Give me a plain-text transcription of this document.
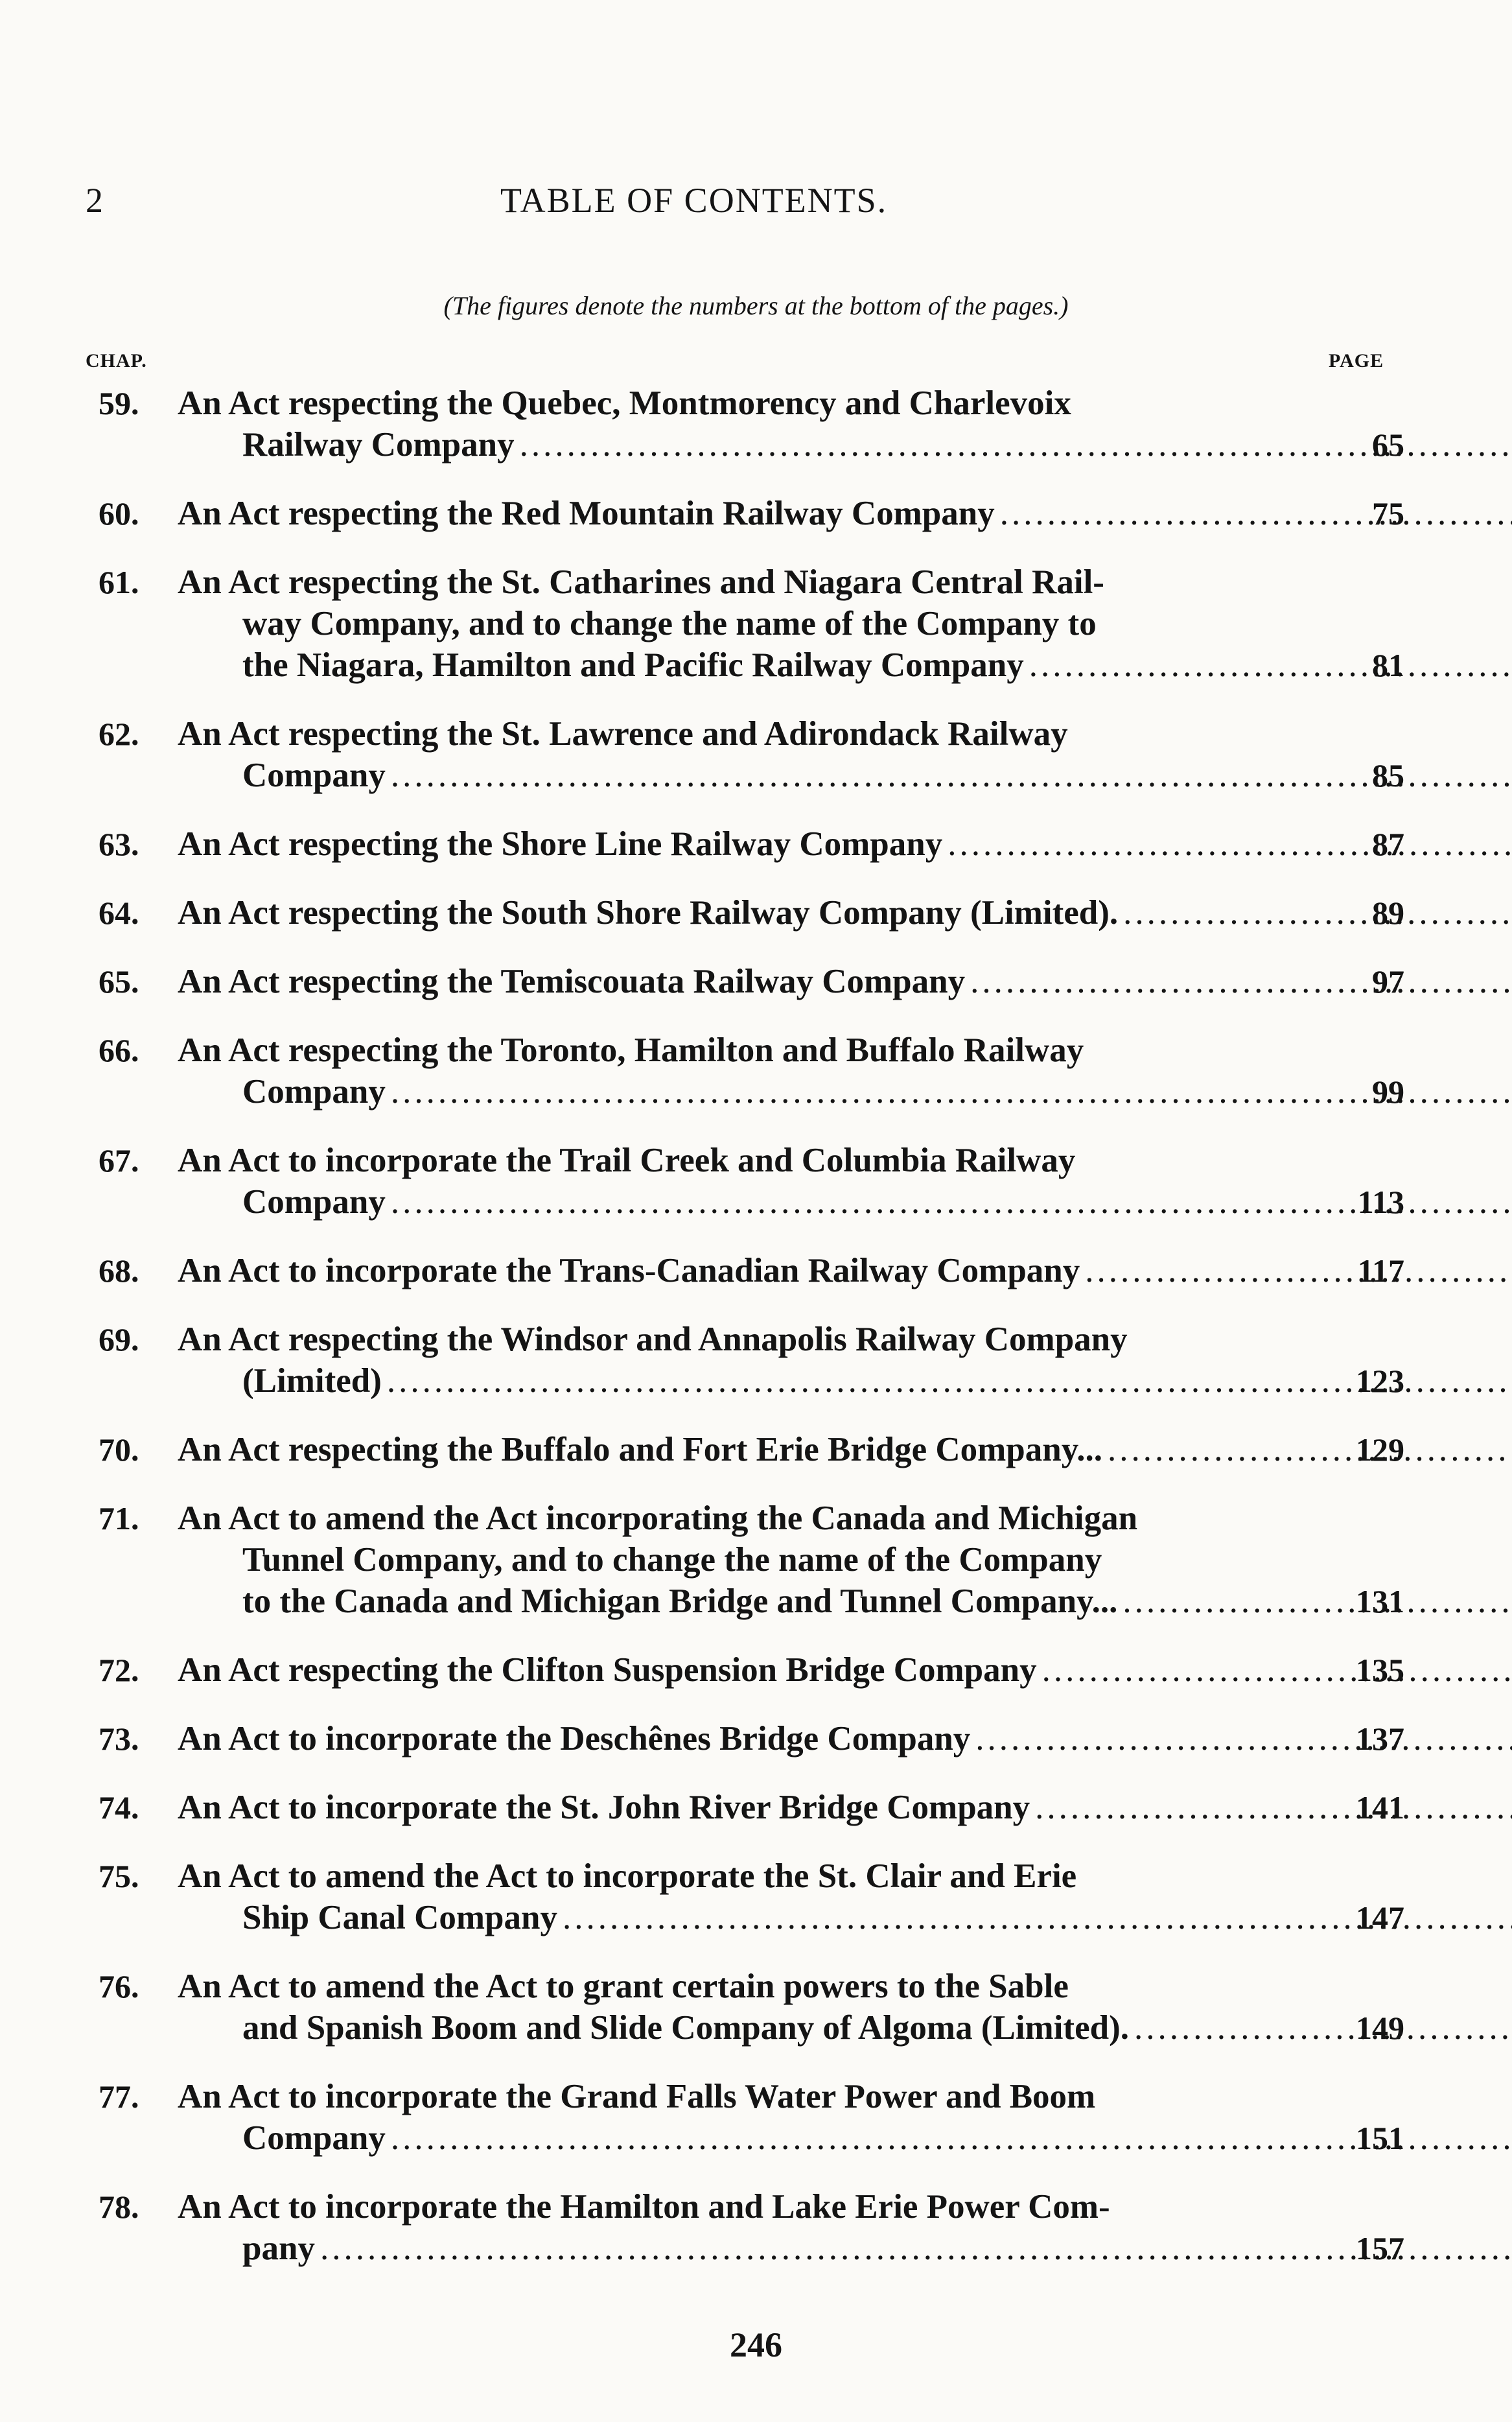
2	TABLE OF CONTENTS.
(The figures denote the numbers at the bottom of the pages.)
CHAP.	PAGE
59. An Act respecting the Quebec, Montmorency and Charlevoix
Railway Company .....	65
60. An Act respecting the Red Mountain Railway Company .....	75
61. An Act respecting the St. Catharines and Niagara Central Rail-
way Company, and to change the name of the Company to
the Niagara, Hamilton and Pacific Railway Company .....	81
62. An Act respecting the St. Lawrence and Adirondack Railway
Company .....	85
63. An Act respecting the Shore Line Railway Company .....	87
64. An Act respecting the South Shore Railway Company (Limited). .....	89
65. An Act respecting the Temiscouata Railway Company .....	97
66. An Act respecting the Toronto, Hamilton and Buffalo Railway
Company .....	99
67. An Act to incorporate the Trail Creek and Columbia Railway
Company .....	113
68. An Act to incorporate the Trans-Canadian Railway Company .....	117
69. An Act respecting the Windsor and Annapolis Railway Company
(Limited) .....	123
70. An Act respecting the Buffalo and Fort Erie Bridge Company... .....	129
71. An Act to amend the Act incorporating the Canada and Michigan
Tunnel Company, and to change the name of the Company
to the Canada and Michigan Bridge and Tunnel Company... .....	131
72. An Act respecting the Clifton Suspension Bridge Company .....	135
73. An Act to incorporate the Deschênes Bridge Company .....	137
74. An Act to incorporate the St. John River Bridge Company .....	141
75. An Act to amend the Act to incorporate the St. Clair and Erie
Ship Canal Company .....	147
76. An Act to amend the Act to grant certain powers to the Sable
and Spanish Boom and Slide Company of Algoma (Limited). .....	149
77. An Act to incorporate the Grand Falls Water Power and Boom
Company .....	151
78. An Act to incorporate the Hamilton and Lake Erie Power Com-
pany .....	157
246
